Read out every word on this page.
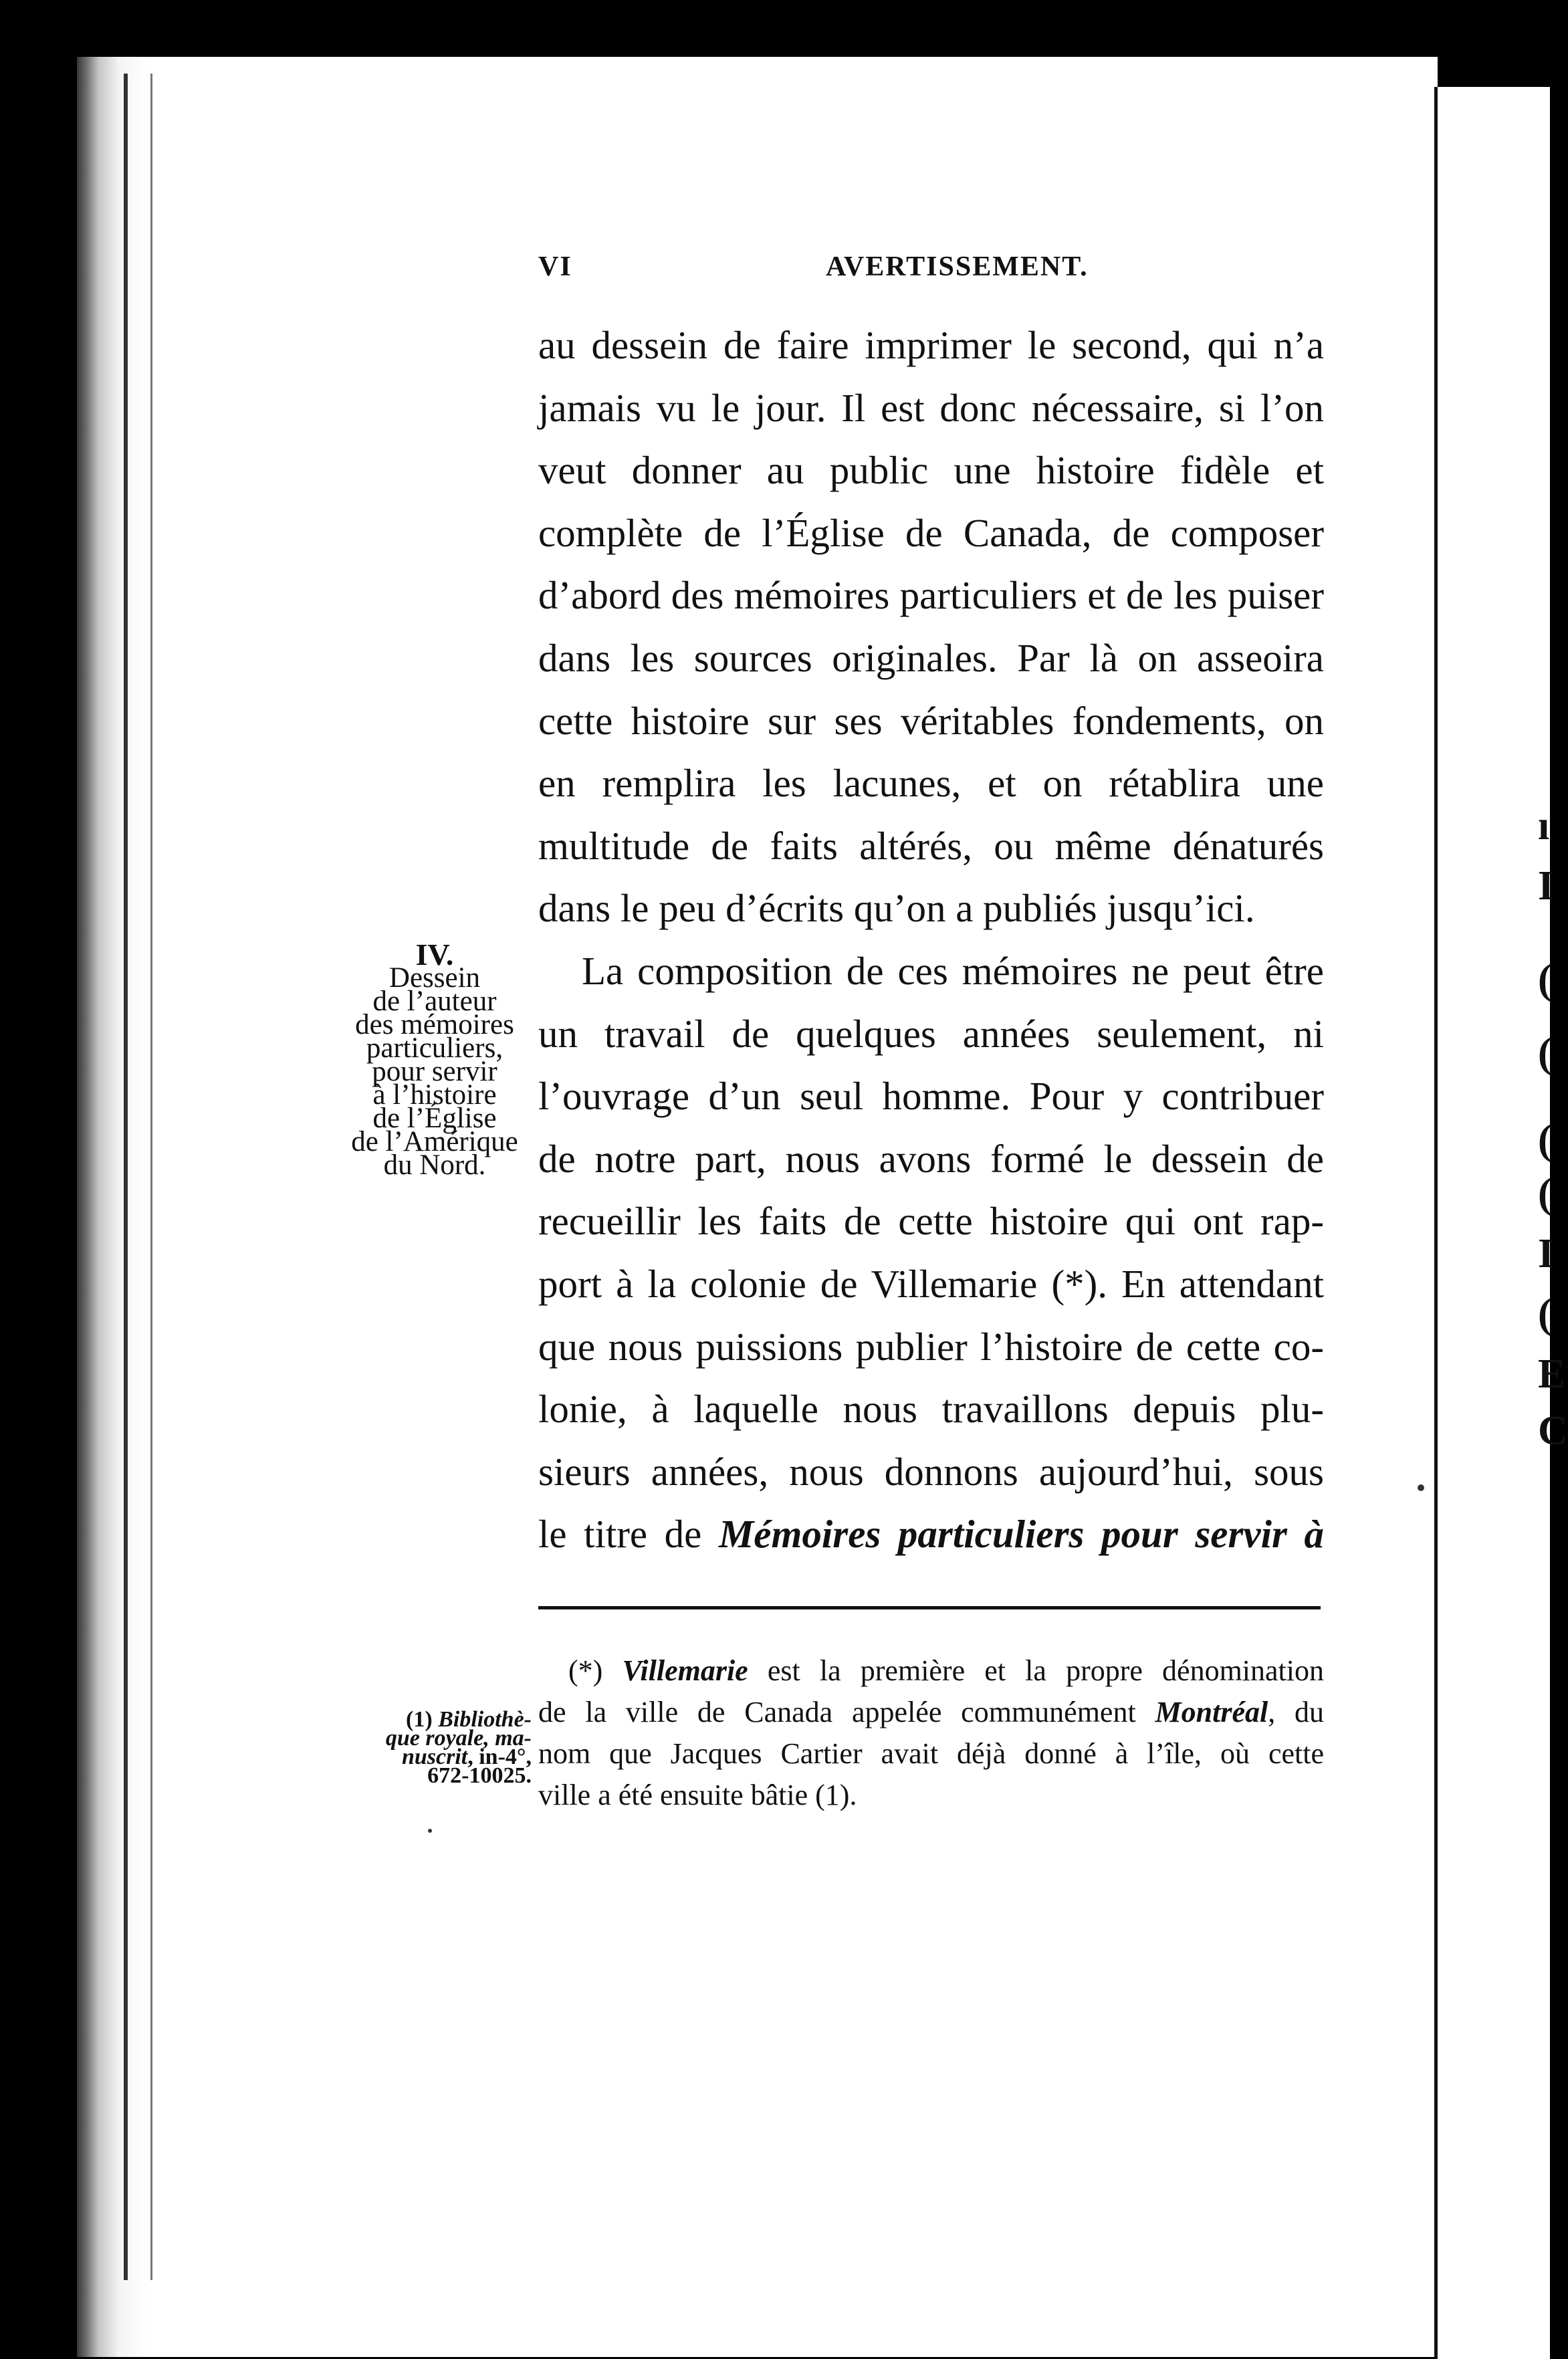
ı
I
(
(
(
(
I
(
E
C
VI	AVERTISSEMENT.
au dessein de faire imprimer le second, qui n’a
jamais vu le jour. Il est donc nécessaire, si l’on
veut donner au public une histoire fidèle et
complète de l’Église de Canada, de composer
d’abord des mémoires particuliers et de les puiser
dans les sources originales. Par là on asseoira
cette histoire sur ses véritables fondements, on
en remplira les lacunes, et on rétablira une
multitude de faits altérés, ou même dénaturés
dans le peu d’écrits qu’on a publiés jusqu’ici.
La composition de ces mémoires ne peut être
un travail de quelques années seulement, ni
l’ouvrage d’un seul homme. Pour y contribuer
de notre part, nous avons formé le dessein de
recueillir les faits de cette histoire qui ont rap-
port à la colonie de Villemarie (*). En attendant
que nous puissions publier l’histoire de cette co-
lonie, à laquelle nous travaillons depuis plu-
sieurs années, nous donnons aujourd’hui, sous
le titre de Mémoires particuliers pour servir à
IV.
Dessein
de l’auteur
des mémoires
particuliers,
pour servir
à l’histoire
de l’Église
de l’Amérique
du Nord.
(*) Villemarie est la première et la propre dénomination
de la ville de Canada appelée communément Montréal, du
nom que Jacques Cartier avait déjà donné à l’île, où cette
ville a été ensuite bâtie (1).
(1) Bibliothè-
que royale, ma-
nuscrit, in-4°,
672-10025.
